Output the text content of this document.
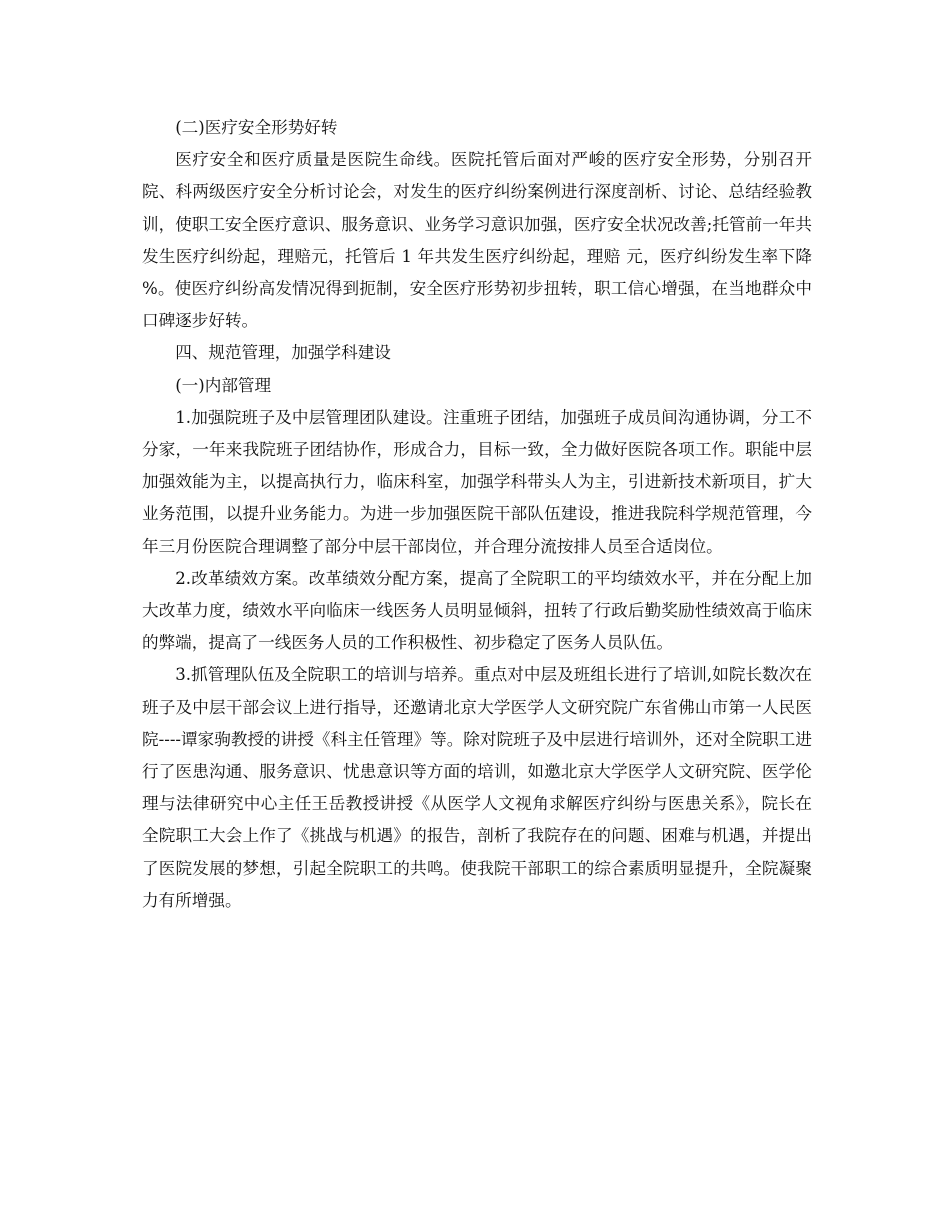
(二)医疗安全形势好转

医疗安全和医疗质量是医院生命线。医院托管后面对严峻的医疗安全形势，分别召开院、科两级医疗安全分析讨论会，对发生的医疗纠纷案例进行深度剖析、讨论、总结经验教训，使职工安全医疗意识、服务意识、业务学习意识加强，医疗安全状况改善;托管前一年共发生医疗纠纷起，理赔元，托管后 1 年共发生医疗纠纷起，理赔 元，医疗纠纷发生率下降 %。使医疗纠纷高发情况得到扼制，安全医疗形势初步扭转，职工信心增强，在当地群众中口碑逐步好转。

四、规范管理，加强学科建设

(一)内部管理

1.加强院班子及中层管理团队建设。注重班子团结，加强班子成员间沟通协调，分工不分家，一年来我院班子团结协作，形成合力，目标一致，全力做好医院各项工作。职能中层加强效能为主，以提高执行力，临床科室，加强学科带头人为主，引进新技术新项目，扩大业务范围，以提升业务能力。为进一步加强医院干部队伍建设，推进我院科学规范管理，今年三月份医院合理调整了部分中层干部岗位，并合理分流按排人员至合适岗位。

2.改革绩效方案。改革绩效分配方案，提高了全院职工的平均绩效水平，并在分配上加大改革力度，绩效水平向临床一线医务人员明显倾斜，扭转了行政后勤奖励性绩效高于临床的弊端，提高了一线医务人员的工作积极性、初步稳定了医务人员队伍。

3.抓管理队伍及全院职工的培训与培养。重点对中层及班组长进行了培训,如院长数次在班子及中层干部会议上进行指导，还邀请北京大学医学人文研究院广东省佛山市第一人民医院----谭家驹教授的讲授《科主任管理》等。除对院班子及中层进行培训外，还对全院职工进行了医患沟通、服务意识、忧患意识等方面的培训，如邀北京大学医学人文研究院、医学伦理与法律研究中心主任王岳教授讲授《从医学人文视角求解医疗纠纷与医患关系》，院长在全院职工大会上作了《挑战与机遇》的报告，剖析了我院存在的问题、困难与机遇，并提出了医院发展的梦想，引起全院职工的共鸣。使我院干部职工的综合素质明显提升，全院凝聚力有所增强。
